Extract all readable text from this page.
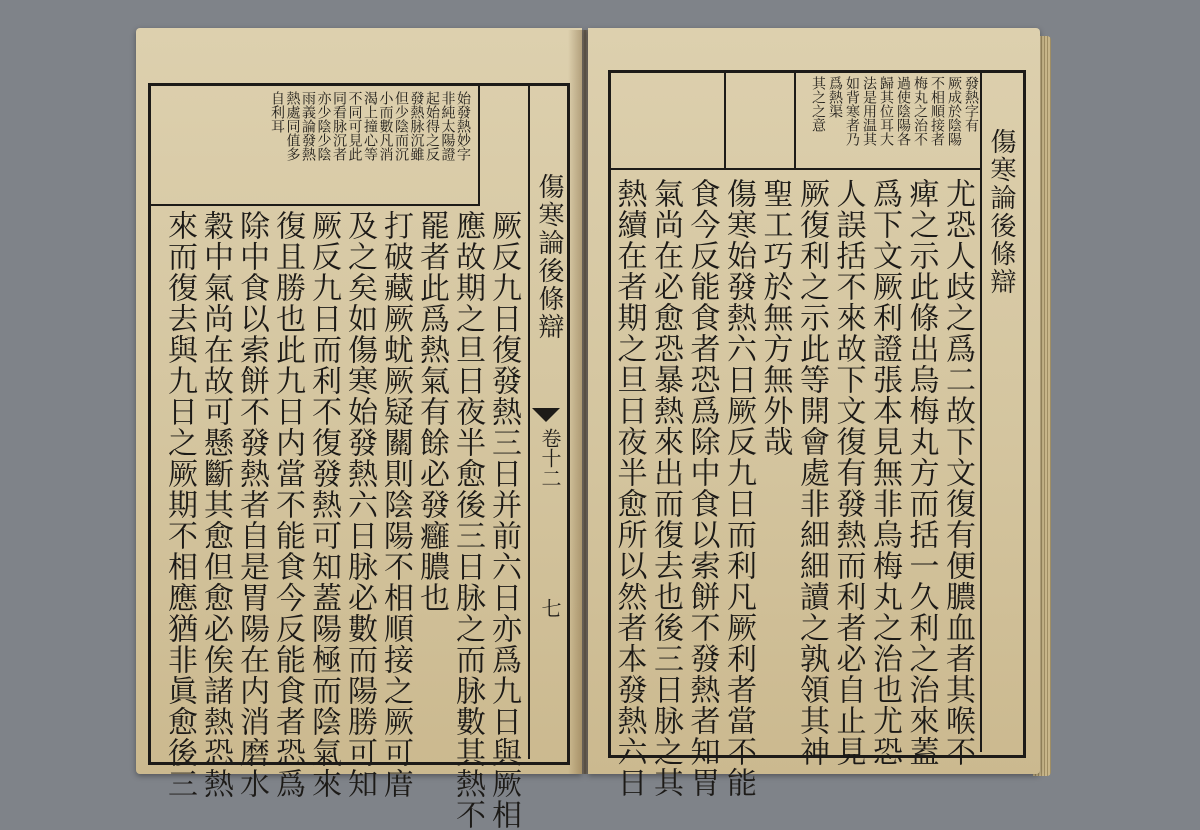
傷寒論後條辯
卷十二
七
始發熱妙字
非純太陽證
起始得之反
發熱脉沉雖
但少陰而沉
小而數凡消
渴上撞心等
不同可見此
同看脉沉者
亦少陰少陰
雨義論發熱
熱處同值多
自利耳
厥反九日復發熱三日并前六日亦爲九日與厥相
應故期之旦日夜半愈後三日脉之而脉數其熱不
罷者此爲熱氣有餘必發癰膿也
打破藏厥蚘厥疑關則陰陽不相順接之厥可庴
及之矣如傷寒始發熱六日脉必數而陽勝可知
厥反九日而利不復發熱可知蓋陽極而陰氣來
復且勝也此九日内當不能食今反能食者恐爲
除中食以索餅不發熱者自是胃陽在内消磨水
穀中氣尚在故可懸斷其愈但愈必俟諸熱恐熱
來而復去與九日之厥期不相應猶非眞愈後三	傷寒論後條辯
發熱字有
厥成於陰陽
不相順接者
梅丸之治不
過使陰陽各
歸其位耳大
法是用温其
如背寒者乃
爲熱渠
其之之意
尤恐人歧之爲二故下文復有便膿血者其喉不
痺之示此條出烏梅丸方而括一久利之治來蓋
爲下文厥利證張本見無非烏梅丸之治也尤恐
人誤括不來故下文復有發熱而利者必自止見
厥復利之示此等開會處非細細讀之孰領其神
聖工巧於無方無外哉
傷寒始發熱六日厥反九日而利凡厥利者當不能
食今反能食者恐爲除中食以索餅不發熱者知胃
氣尚在必愈恐暴熱來出而復去也後三日脉之其
熱續在者期之旦日夜半愈所以然者本發熱六日
